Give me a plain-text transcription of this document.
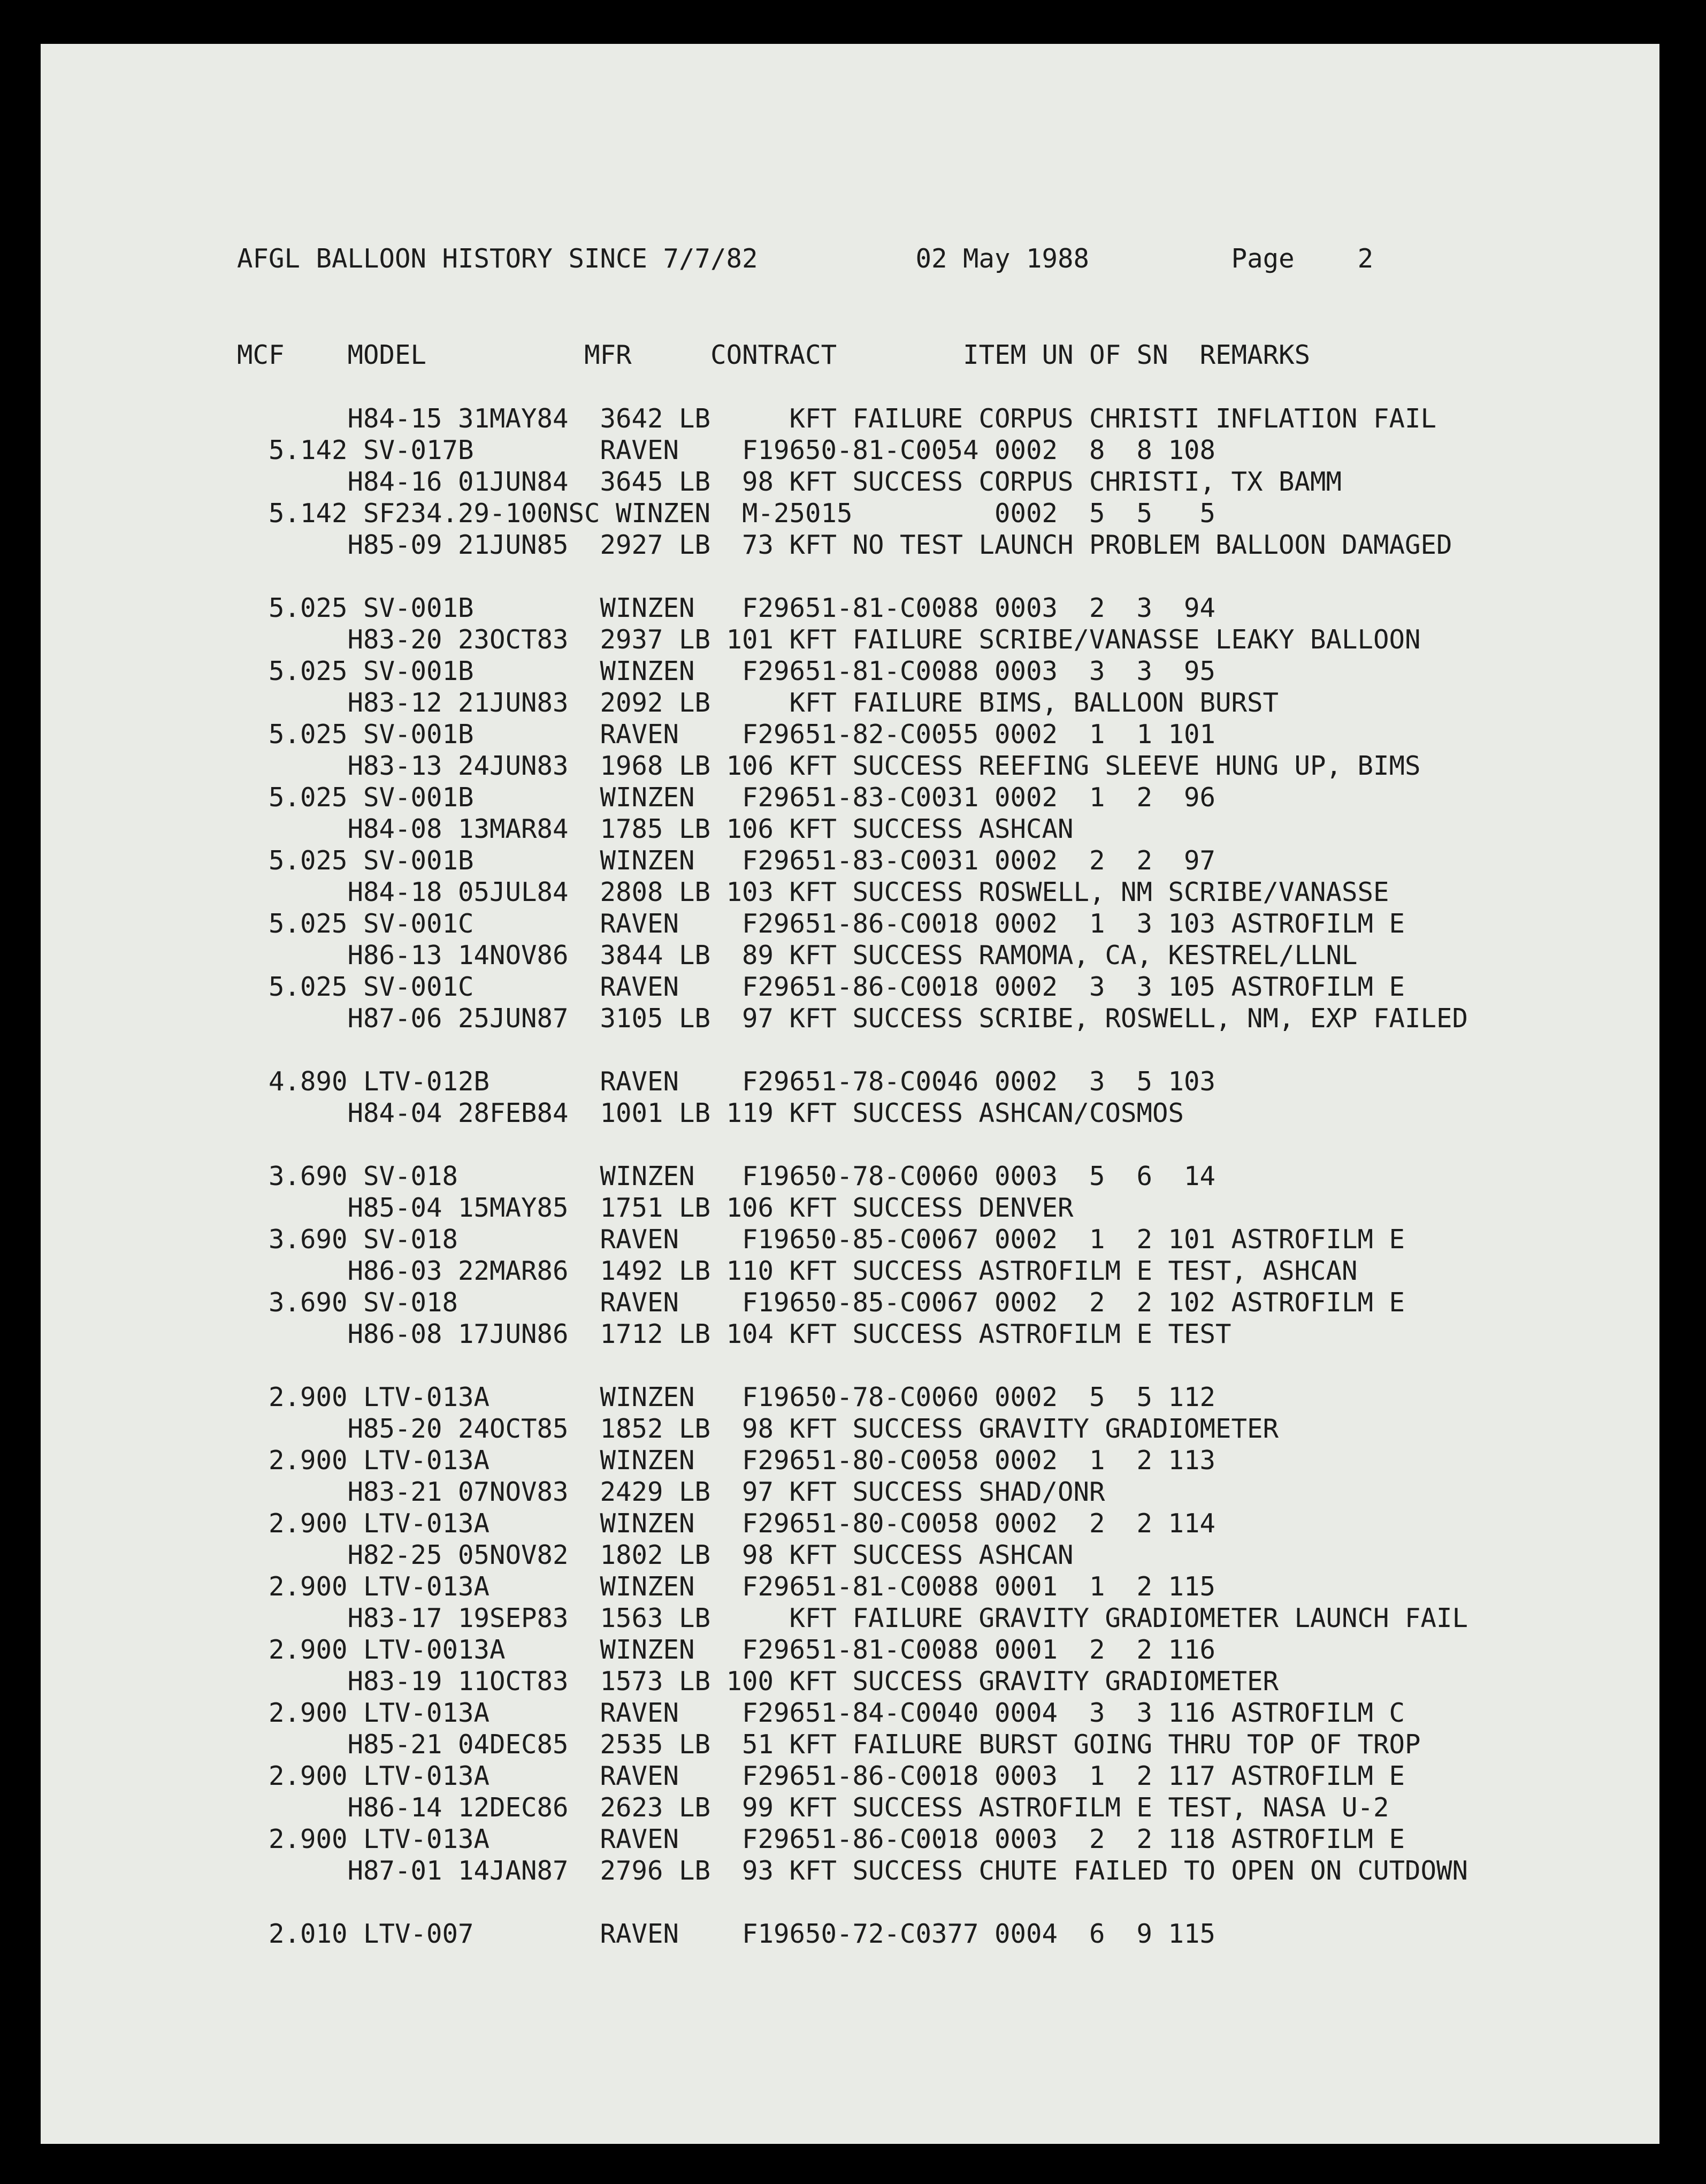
AFGL BALLOON HISTORY SINCE 7/7/82	02 May 1988	Page    2
MCF MODEL	MFR	CONTRACT	ITEM UN OF SN REMARKS
H84-15 31MAY84  3642 LB     KFT FAILURE CORPUS CHRISTI INFLATION FAIL
5.142 SV-017B        RAVEN    F19650-81-C0054 0002  8  8 108
H84-16 01JUN84  3645 LB  98 KFT SUCCESS CORPUS CHRISTI, TX BAMM
5.142 SF234.29-100NSC WINZEN  M-25015         0002  5  5   5
H85-09 21JUN85  2927 LB  73 KFT NO TEST LAUNCH PROBLEM BALLOON DAMAGED
5.025 SV-001B        WINZEN   F29651-81-C0088 0003  2  3  94
H83-20 23OCT83  2937 LB 101 KFT FAILURE SCRIBE/VANASSE LEAKY BALLOON
5.025 SV-001B        WINZEN   F29651-81-C0088 0003  3  3  95
H83-12 21JUN83  2092 LB     KFT FAILURE BIMS, BALLOON BURST
5.025 SV-001B        RAVEN    F29651-82-C0055 0002  1  1 101
H83-13 24JUN83  1968 LB 106 KFT SUCCESS REEFING SLEEVE HUNG UP, BIMS
5.025 SV-001B        WINZEN   F29651-83-C0031 0002  1  2  96
H84-08 13MAR84  1785 LB 106 KFT SUCCESS ASHCAN
5.025 SV-001B        WINZEN   F29651-83-C0031 0002  2  2  97
H84-18 05JUL84  2808 LB 103 KFT SUCCESS ROSWELL, NM SCRIBE/VANASSE
5.025 SV-001C        RAVEN    F29651-86-C0018 0002  1  3 103 ASTROFILM E
H86-13 14NOV86  3844 LB  89 KFT SUCCESS RAMOMA, CA, KESTREL/LLNL
5.025 SV-001C        RAVEN    F29651-86-C0018 0002  3  3 105 ASTROFILM E
H87-06 25JUN87  3105 LB  97 KFT SUCCESS SCRIBE, ROSWELL, NM, EXP FAILED
4.890 LTV-012B       RAVEN    F29651-78-C0046 0002  3  5 103
H84-04 28FEB84  1001 LB 119 KFT SUCCESS ASHCAN/COSMOS
3.690 SV-018         WINZEN   F19650-78-C0060 0003  5  6  14
H85-04 15MAY85  1751 LB 106 KFT SUCCESS DENVER
3.690 SV-018         RAVEN    F19650-85-C0067 0002  1  2 101 ASTROFILM E
H86-03 22MAR86  1492 LB 110 KFT SUCCESS ASTROFILM E TEST, ASHCAN
3.690 SV-018         RAVEN    F19650-85-C0067 0002  2  2 102 ASTROFILM E
H86-08 17JUN86  1712 LB 104 KFT SUCCESS ASTROFILM E TEST
2.900 LTV-013A       WINZEN   F19650-78-C0060 0002  5  5 112
H85-20 24OCT85  1852 LB  98 KFT SUCCESS GRAVITY GRADIOMETER
2.900 LTV-013A       WINZEN   F29651-80-C0058 0002  1  2 113
H83-21 07NOV83  2429 LB  97 KFT SUCCESS SHAD/ONR
2.900 LTV-013A       WINZEN   F29651-80-C0058 0002  2  2 114
H82-25 05NOV82  1802 LB  98 KFT SUCCESS ASHCAN
2.900 LTV-013A       WINZEN   F29651-81-C0088 0001  1  2 115
H83-17 19SEP83  1563 LB     KFT FAILURE GRAVITY GRADIOMETER LAUNCH FAIL
2.900 LTV-0013A      WINZEN   F29651-81-C0088 0001  2  2 116
H83-19 11OCT83  1573 LB 100 KFT SUCCESS GRAVITY GRADIOMETER
2.900 LTV-013A       RAVEN    F29651-84-C0040 0004  3  3 116 ASTROFILM C
H85-21 04DEC85  2535 LB  51 KFT FAILURE BURST GOING THRU TOP OF TROP
2.900 LTV-013A       RAVEN    F29651-86-C0018 0003  1  2 117 ASTROFILM E
H86-14 12DEC86  2623 LB  99 KFT SUCCESS ASTROFILM E TEST, NASA U-2
2.900 LTV-013A       RAVEN    F29651-86-C0018 0003  2  2 118 ASTROFILM E
H87-01 14JAN87  2796 LB  93 KFT SUCCESS CHUTE FAILED TO OPEN ON CUTDOWN
2.010 LTV-007        RAVEN    F19650-72-C0377 0004  6  9 115
